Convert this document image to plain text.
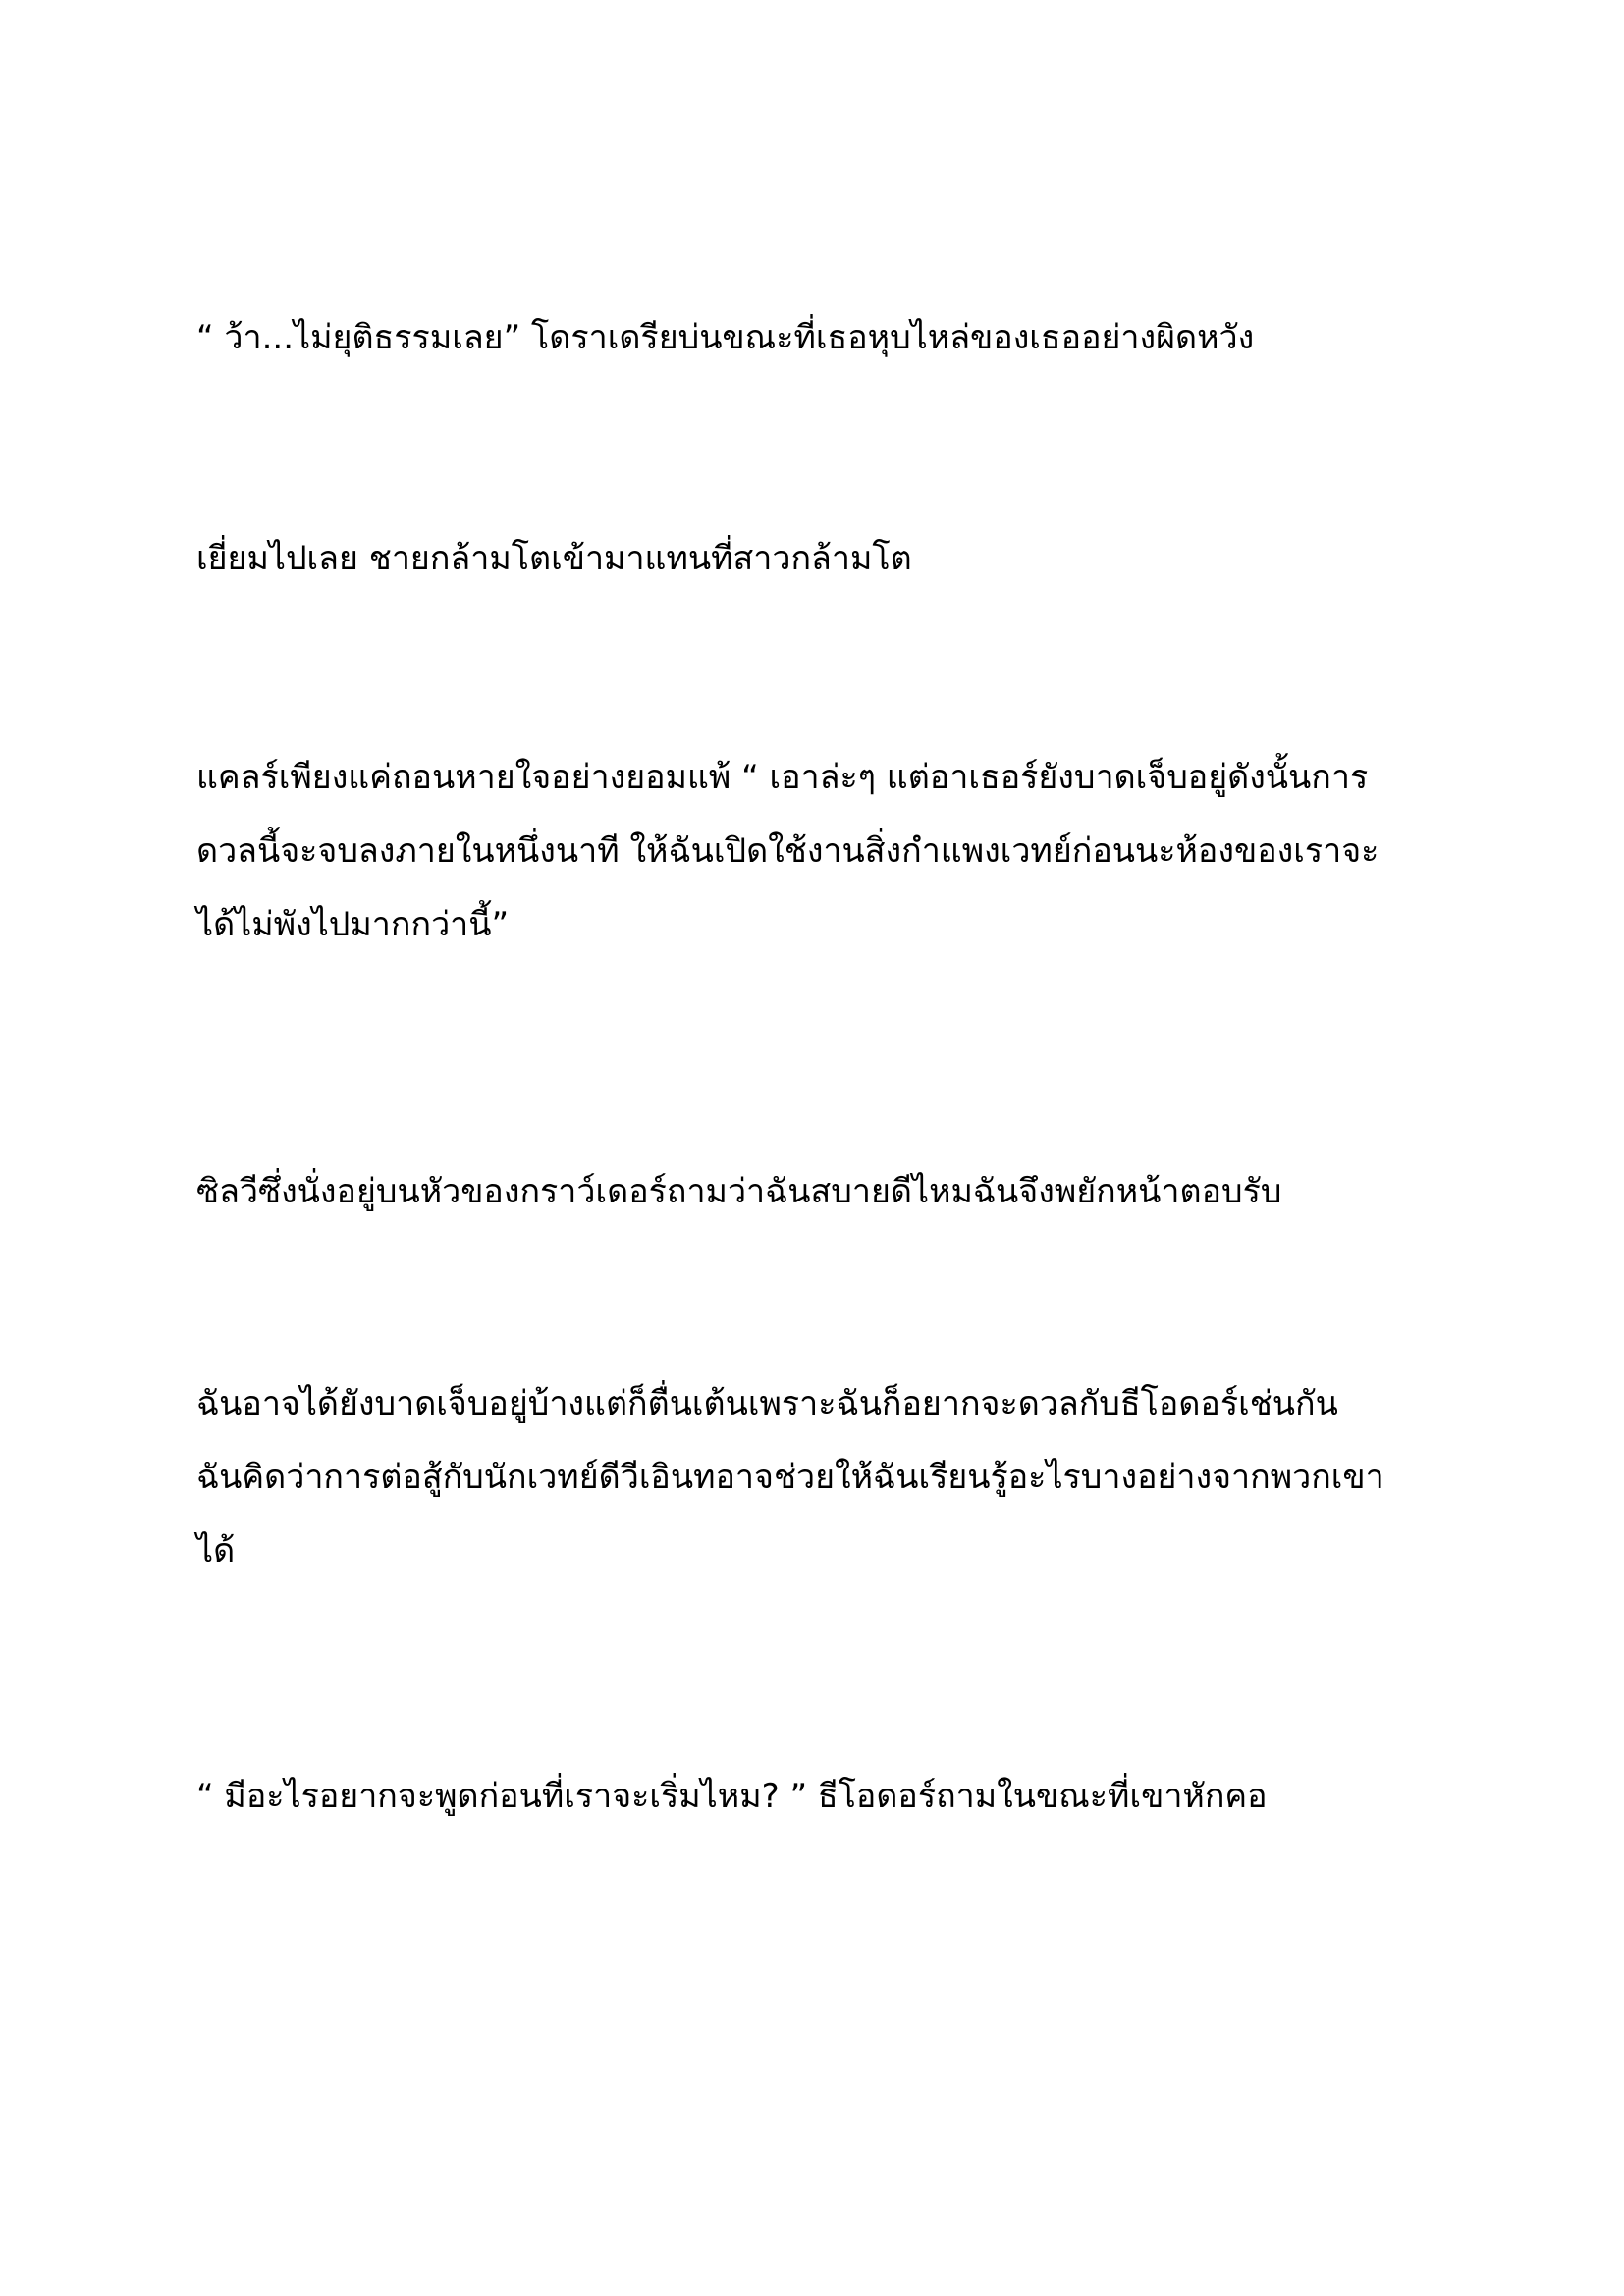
“ ว้า...ไม่ยุติธรรมเลย” โดราเดรียบ่นขณะที่เธอหุบไหล่ของเธออย่างผิดหวัง

เยี่ยมไปเลย ชายกล้ามโตเข้ามาแทนที่สาวกล้ามโต

แคลร์เพียงแค่ถอนหายใจอย่างยอมแพ้ “ เอาล่ะๆ แต่อาเธอร์ยังบาดเจ็บอยู่ดังนั้นการ
ดวลนี้จะจบลงภายในหนึ่งนาที ให้ฉันเปิดใช้งานสิ่งกำแพงเวทย์ก่อนนะห้องของเราจะ
ได้ไม่พังไปมากกว่านี้”

ซิลวีซึ่งนั่งอยู่บนหัวของกราว์เดอร์ถามว่าฉันสบายดีไหมฉันจึงพยักหน้าตอบรับ

ฉันอาจได้ยังบาดเจ็บอยู่บ้างแต่ก็ตื่นเต้นเพราะฉันก็อยากจะดวลกับธีโอดอร์เช่นกัน
ฉันคิดว่าการต่อสู้กับนักเวทย์ดีวีเอินทอาจช่วยให้ฉันเรียนรู้อะไรบางอย่างจากพวกเขา
ได้

“ มีอะไรอยากจะพูดก่อนที่เราจะเริ่มไหม? ” ธีโอดอร์ถามในขณะที่เขาหักคอ
